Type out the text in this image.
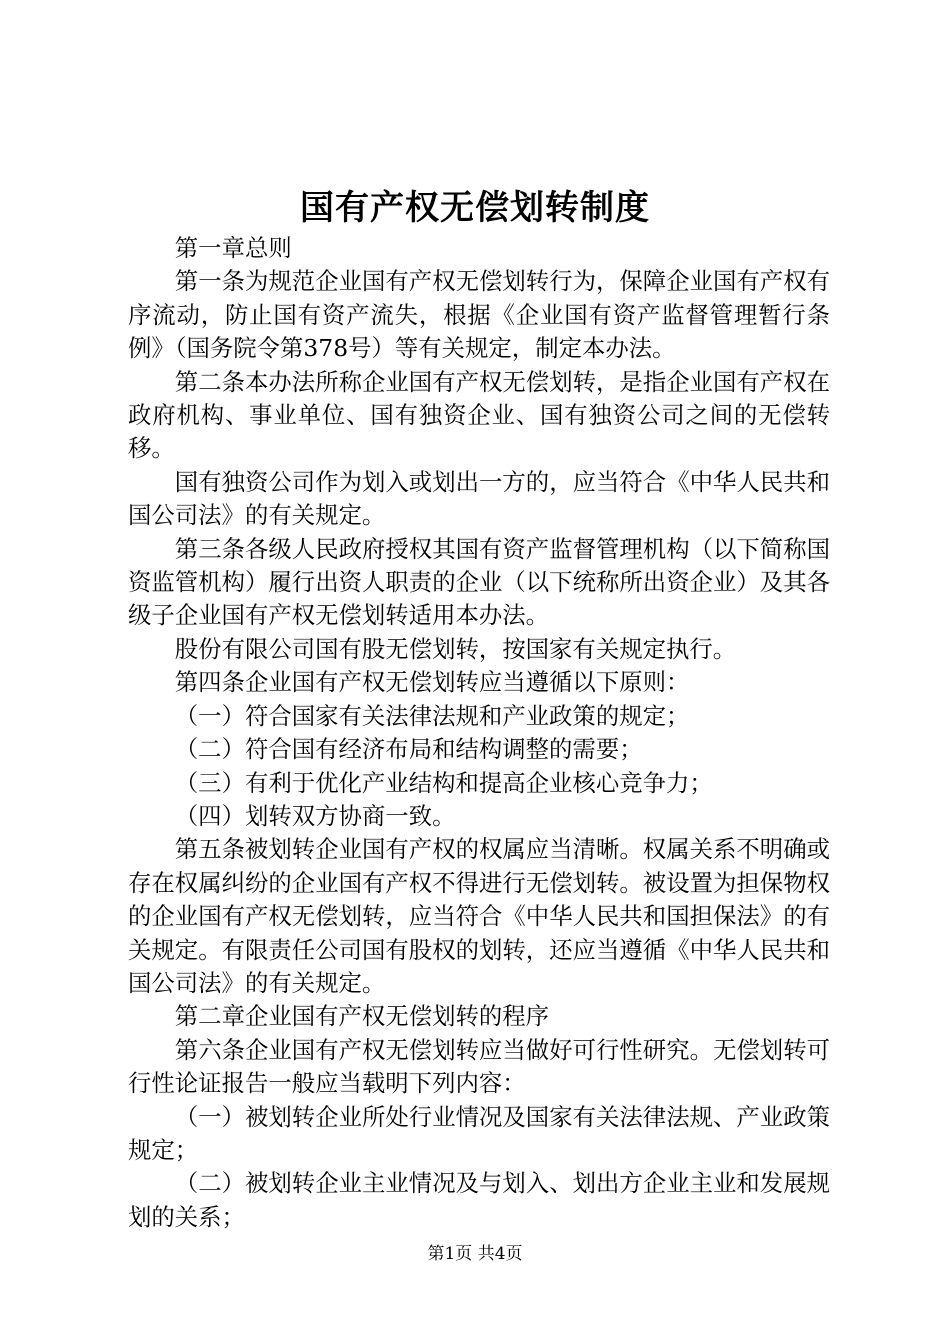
国有产权无偿划转制度

第一章总则

第一条为规范企业国有产权无偿划转行为，保障企业国有产权有序流动，防止国有资产流失，根据《企业国有资产监督管理暂行条例》（国务院令第378号）等有关规定，制定本办法。

第二条本办法所称企业国有产权无偿划转，是指企业国有产权在政府机构、事业单位、国有独资企业、国有独资公司之间的无偿转移。

国有独资公司作为划入或划出一方的，应当符合《中华人民共和国公司法》的有关规定。

第三条各级人民政府授权其国有资产监督管理机构（以下简称国资监管机构）履行出资人职责的企业（以下统称所出资企业）及其各级子企业国有产权无偿划转适用本办法。

股份有限公司国有股无偿划转，按国家有关规定执行。

第四条企业国有产权无偿划转应当遵循以下原则：

（一）符合国家有关法律法规和产业政策的规定；

（二）符合国有经济布局和结构调整的需要；

（三）有利于优化产业结构和提高企业核心竞争力；

（四）划转双方协商一致。

第五条被划转企业国有产权的权属应当清晰。权属关系不明确或存在权属纠纷的企业国有产权不得进行无偿划转。被设置为担保物权的企业国有产权无偿划转，应当符合《中华人民共和国担保法》的有关规定。有限责任公司国有股权的划转，还应当遵循《中华人民共和国公司法》的有关规定。

第二章企业国有产权无偿划转的程序

第六条企业国有产权无偿划转应当做好可行性研究。无偿划转可行性论证报告一般应当载明下列内容：

（一）被划转企业所处行业情况及国家有关法律法规、产业政策规定；

（二）被划转企业主业情况及与划入、划出方企业主业和发展规划的关系；

第1页 共4页
